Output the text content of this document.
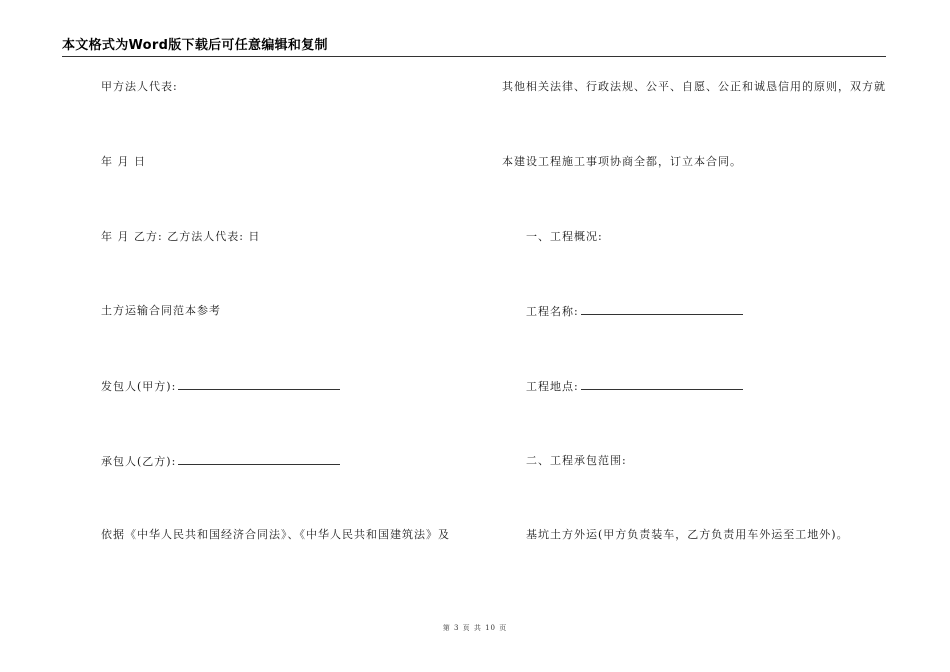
本文格式为Word版下载后可任意编辑和复制
甲方法人代表:
年 月 日
年 月 乙方: 乙方法人代表: 日
土方运输合同范本参考
发包人(甲方):
承包人(乙方):
依据《中华人民共和国经济合同法》、《中华人民共和国建筑法》及
其他相关法律、行政法规、公平、自愿、公正和诚恳信用的原则，双方就
本建设工程施工事项协商全都，订立本合同。
一、工程概况:
工程名称:
工程地点:
二、工程承包范围:
基坑土方外运(甲方负责装车，乙方负责用车外运至工地外)。
第 3 页 共 10 页
